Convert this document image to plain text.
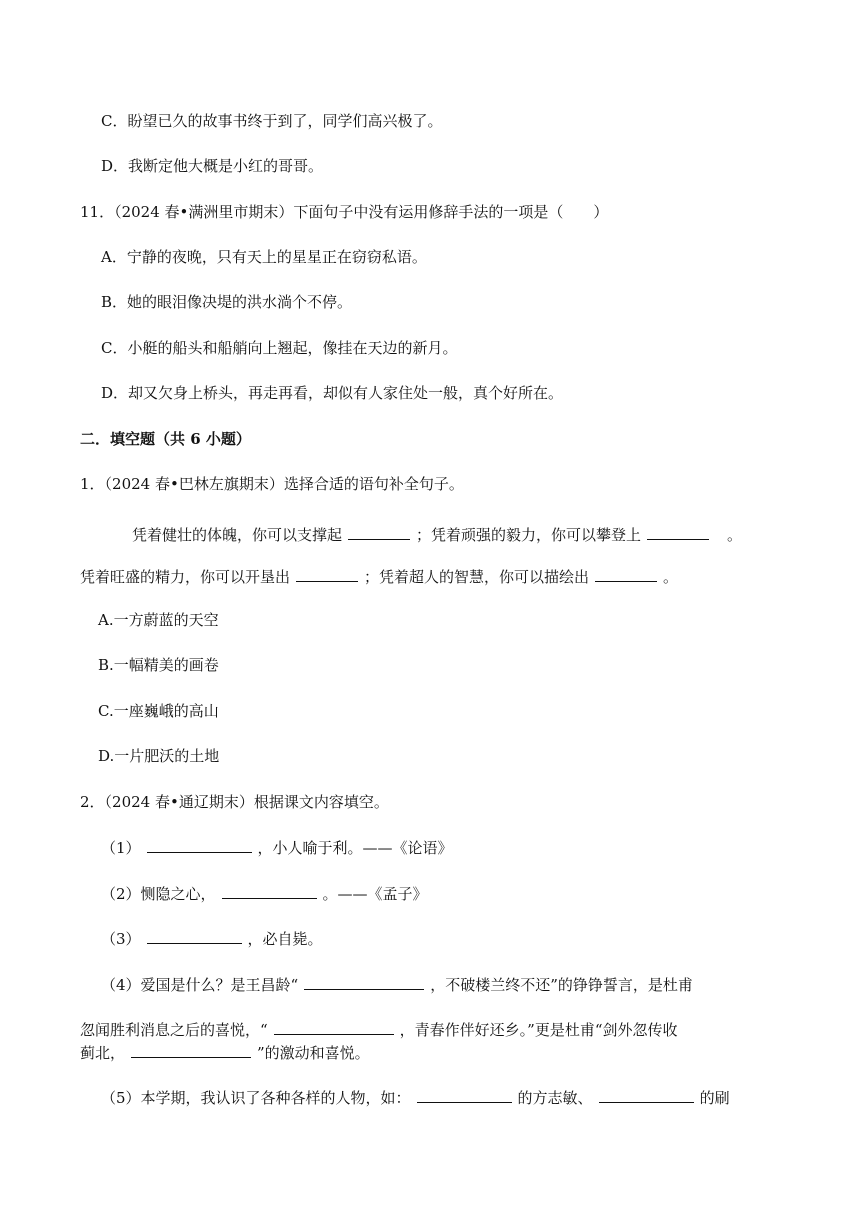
C．盼望已久的故事书终于到了，同学们高兴极了。
D．我断定他大概是小红的哥哥。
11．（2024 春•满洲里市期末）下面句子中没有运用修辞手法的一项是（　　）
A．宁静的夜晚，只有天上的星星正在窃窃私语。
B．她的眼泪像决堤的洪水淌个不停。
C．小艇的船头和船艄向上翘起，像挂在天边的新月。
D．却又欠身上桥头，再走再看，却似有人家住处一般，真个好所在。
二．填空题（共 6 小题）
1．（2024 春•巴林左旗期末）选择合适的语句补全句子。
凭着健壮的体魄，你可以支撑起	；凭着顽强的毅力，你可以攀登上	。
凭着旺盛的精力，你可以开垦出	；凭着超人的智慧，你可以描绘出	。
A.一方蔚蓝的天空
B.一幅精美的画卷
C.一座巍峨的高山
D.一片肥沃的土地
2．（2024 春•通辽期末）根据课文内容填空。
（1）	，小人喻于利。——《论语》
（2）恻隐之心，	。——《孟子》
（3）	，必自毙。
（4）爱国是什么？是王昌龄“	，不破楼兰终不还”的铮铮誓言，是杜甫
忽闻胜利消息之后的喜悦，“	，青春作伴好还乡。”更是杜甫“剑外忽传收
蓟北，	”的激动和喜悦。
（5）本学期，我认识了各种各样的人物，如：	的方志敏、	的刷
